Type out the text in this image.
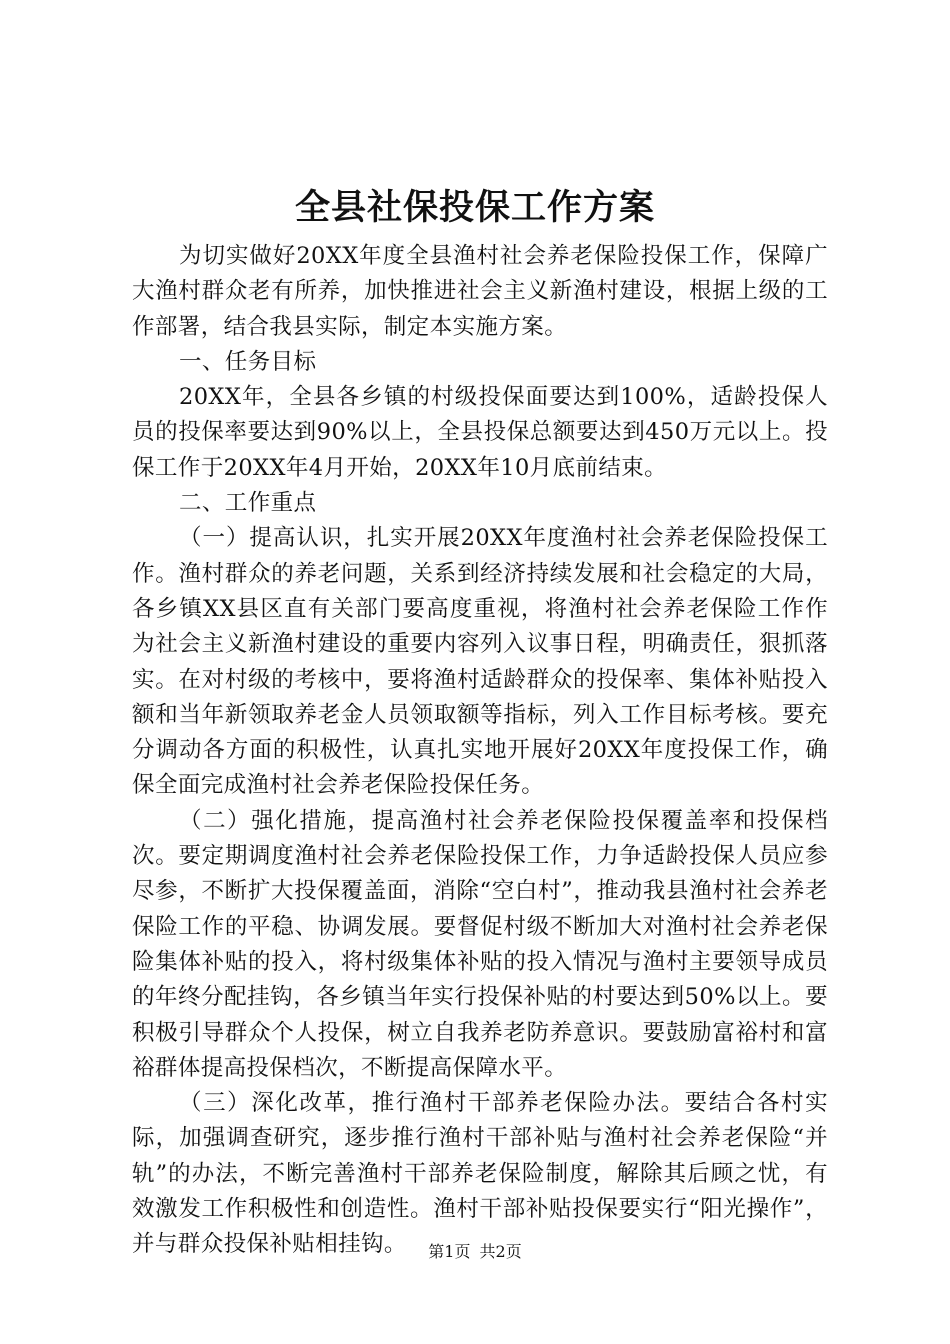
全县社保投保工作方案

为切实做好20XX年度全县渔村社会养老保险投保工作，保障广大渔村群众老有所养，加快推进社会主义新渔村建设，根据上级的工作部署，结合我县实际，制定本实施方案。

一、任务目标

20XX年，全县各乡镇的村级投保面要达到100%，适龄投保人员的投保率要达到90%以上，全县投保总额要达到450万元以上。投保工作于20XX年4月开始，20XX年10月底前结束。

二、工作重点

（一）提高认识，扎实开展20XX年度渔村社会养老保险投保工作。渔村群众的养老问题，关系到经济持续发展和社会稳定的大局，各乡镇XX县区直有关部门要高度重视，将渔村社会养老保险工作作为社会主义新渔村建设的重要内容列入议事日程，明确责任，狠抓落实。在对村级的考核中，要将渔村适龄群众的投保率、集体补贴投入额和当年新领取养老金人员领取额等指标，列入工作目标考核。要充分调动各方面的积极性，认真扎实地开展好20XX年度投保工作，确保全面完成渔村社会养老保险投保任务。

（二）强化措施，提高渔村社会养老保险投保覆盖率和投保档次。要定期调度渔村社会养老保险投保工作，力争适龄投保人员应参尽参，不断扩大投保覆盖面，消除“空白村”，推动我县渔村社会养老保险工作的平稳、协调发展。要督促村级不断加大对渔村社会养老保险集体补贴的投入，将村级集体补贴的投入情况与渔村主要领导成员的年终分配挂钩，各乡镇当年实行投保补贴的村要达到50%以上。要积极引导群众个人投保，树立自我养老防养意识。要鼓励富裕村和富裕群体提高投保档次，不断提高保障水平。

（三）深化改革，推行渔村干部养老保险办法。要结合各村实际，加强调查研究，逐步推行渔村干部补贴与渔村社会养老保险“并轨”的办法，不断完善渔村干部养老保险制度，解除其后顾之忧，有效激发工作积极性和创造性。渔村干部补贴投保要实行“阳光操作”，并与群众投保补贴相挂钩。	第1页 共2页
